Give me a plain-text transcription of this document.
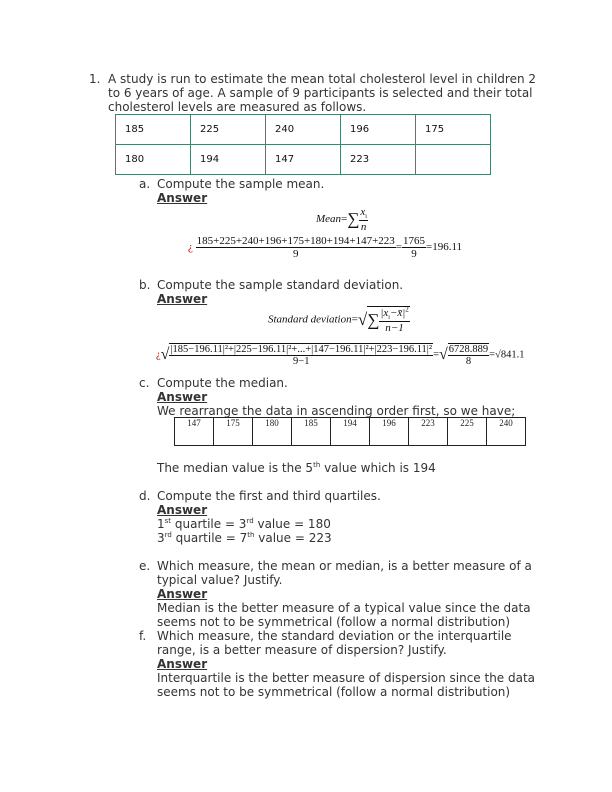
1. A study is run to estimate the mean total cholesterol level in children 2
to 6 years of age. A sample of 9 participants is selected and their total
cholesterol levels are measured as follows.
185	225	240	196	175
180	194	147	223	
a. Compute the sample mean.
Answer
Mean=∑ $\frac{x_i}{n}$
¿ $\frac{185+225+240+196+175+180+194+147+223}{9} = \frac{1765}{9} =196.11$
b. Compute the sample standard deviation.
Answer
Standard deviation=√∑ $\frac{|x_i-x̄|^2}{n-1}$
¿√ $\frac{\text{|185−196.11|²+|225−196.11|²+...+|147−196.11|²+|223−196.11|²}}{9-1}$ =√ $\frac{6728.889}{8} =√841.1$
c. Compute the median.
Answer
We rearrange the data in ascending order first, so we have;
147	175	180	185	194	196	223	225	240
The median value is the 5th value which is 194
d. Compute the first and third quartiles.
Answer
1st quartile = 3rd value = 180
3rd quartile = 7th value = 223
e. Which measure, the mean or median, is a better measure of a
typical value? Justify.
Answer
Median is the better measure of a typical value since the data
seems not to be symmetrical (follow a normal distribution)
f. Which measure, the standard deviation or the interquartile
range, is a better measure of dispersion? Justify.
Answer
Interquartile is the better measure of dispersion since the data
seems not to be symmetrical (follow a normal distribution)
